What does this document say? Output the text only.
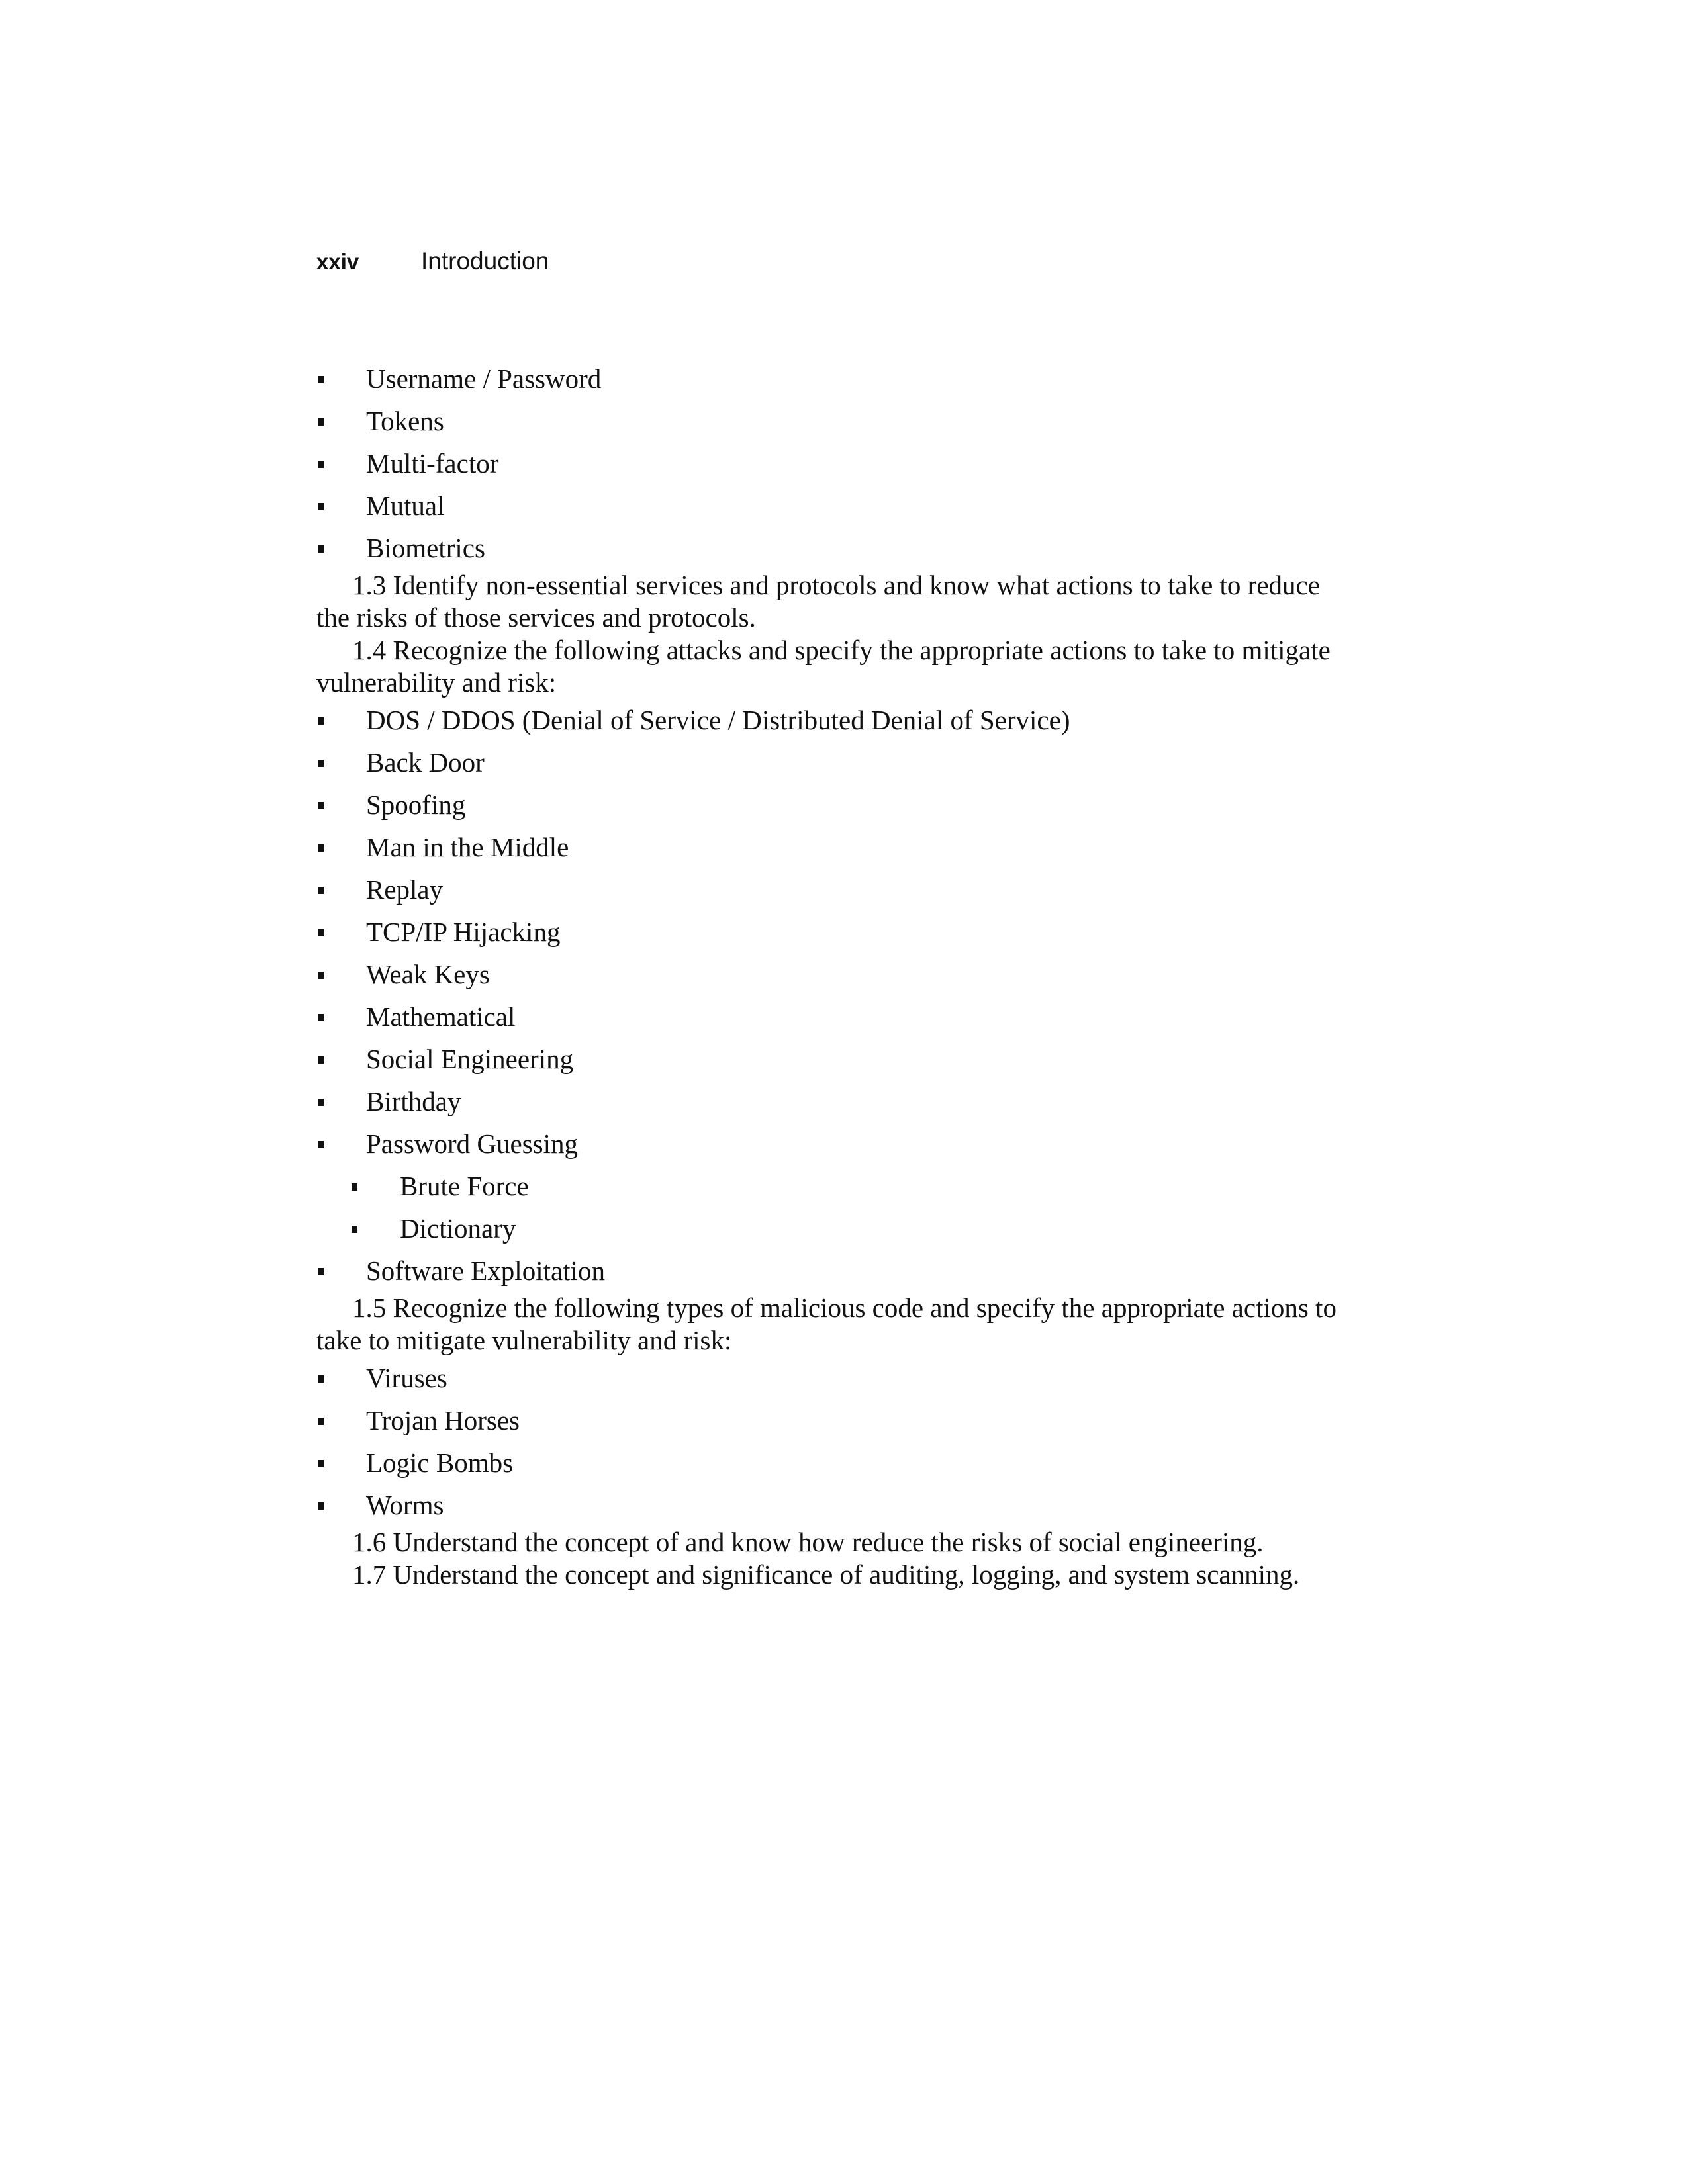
xxiv	Introduction
Username / Password
Tokens
Multi-factor
Mutual
Biometrics

1.3 Identify non-essential services and protocols and know what actions to take to reduce the risks of those services and protocols.

1.4 Recognize the following attacks and specify the appropriate actions to take to mitigate vulnerability and risk:

DOS / DDOS (Denial of Service / Distributed Denial of Service)
Back Door
Spoofing
Man in the Middle
Replay
TCP/IP Hijacking
Weak Keys
Mathematical
Social Engineering
Birthday
Password Guessing
Brute Force
Dictionary
Software Exploitation

1.5 Recognize the following types of malicious code and specify the appropriate actions to take to mitigate vulnerability and risk:

Viruses
Trojan Horses
Logic Bombs
Worms

1.6 Understand the concept of and know how reduce the risks of social engineering.

1.7 Understand the concept and significance of auditing, logging, and system scanning.
